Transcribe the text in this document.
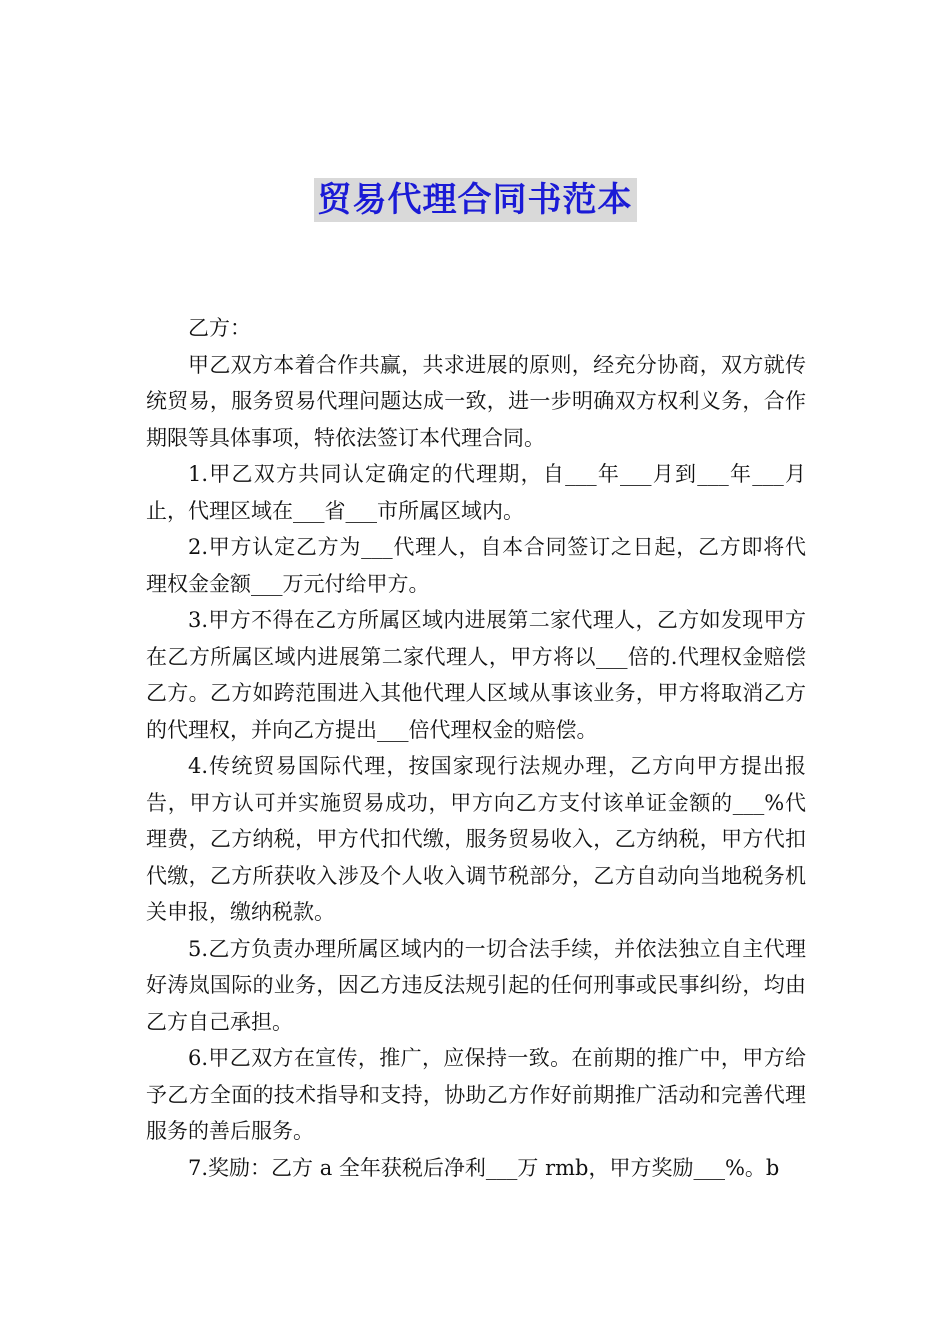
贸易代理合同书范本

乙方：

甲乙双方本着合作共赢，共求进展的原则，经充分协商，双方就传统贸易，服务贸易代理问题达成一致，进一步明确双方权利义务，合作期限等具体事项，特依法签订本代理合同。

1.甲乙双方共同认定确定的代理期，自___年___月到___年___月止，代理区域在___省___市所属区域内。

2.甲方认定乙方为___代理人，自本合同签订之日起，乙方即将代理权金金额___万元付给甲方。

3.甲方不得在乙方所属区域内进展第二家代理人，乙方如发现甲方在乙方所属区域内进展第二家代理人，甲方将以___倍的.代理权金赔偿乙方。乙方如跨范围进入其他代理人区域从事该业务，甲方将取消乙方的代理权，并向乙方提出___倍代理权金的赔偿。

4.传统贸易国际代理，按国家现行法规办理，乙方向甲方提出报告，甲方认可并实施贸易成功，甲方向乙方支付该单证金额的___%代理费，乙方纳税，甲方代扣代缴，服务贸易收入，乙方纳税，甲方代扣代缴，乙方所获收入涉及个人收入调节税部分，乙方自动向当地税务机关申报，缴纳税款。

5.乙方负责办理所属区域内的一切合法手续，并依法独立自主代理好涛岚国际的业务，因乙方违反法规引起的任何刑事或民事纠纷，均由乙方自己承担。

6.甲乙双方在宣传，推广，应保持一致。在前期的推广中，甲方给予乙方全面的技术指导和支持，协助乙方作好前期推广活动和完善代理服务的善后服务。

7.奖励：乙方 a 全年获税后净利___万 rmb，甲方奖励___%。b
